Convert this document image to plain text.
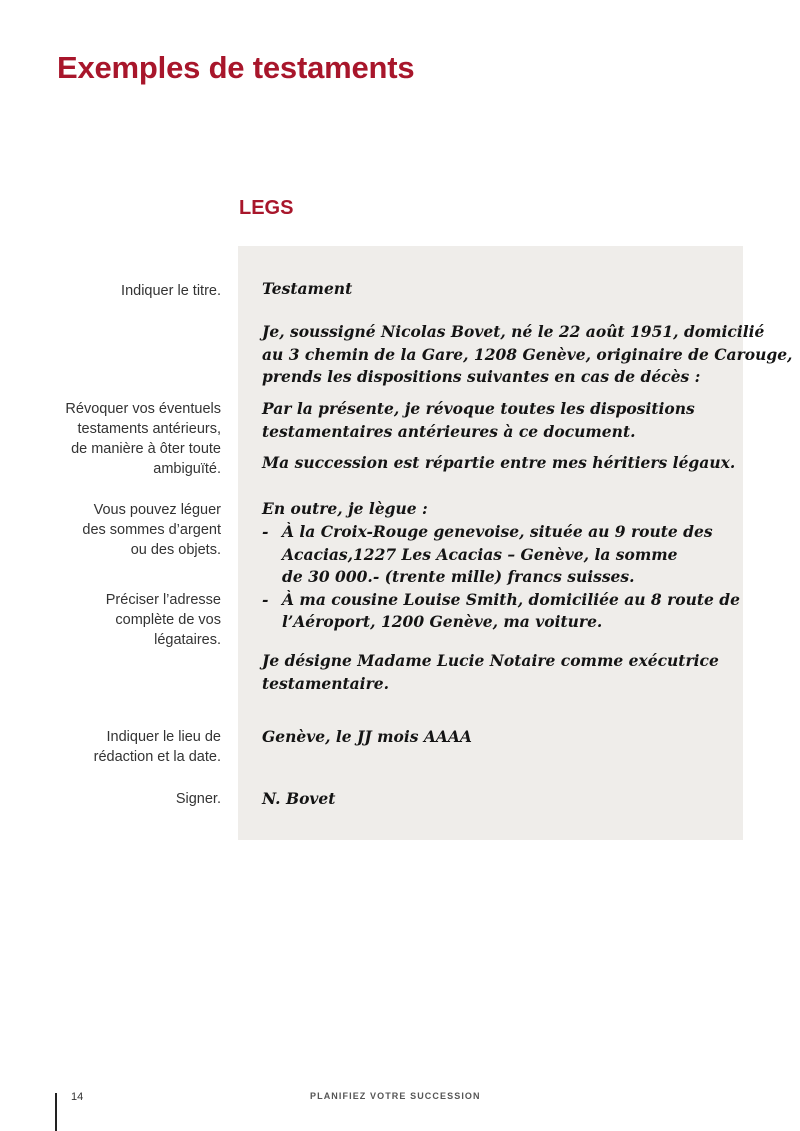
Exemples de testaments
LEGS
Indiquer le titre.
Révoquer vos éventuels
testaments antérieurs,
de manière à ôter toute
ambiguïté.
Vous pouvez léguer
des sommes d’argent
ou des objets.
Préciser l’adresse
complète de vos
légataires.
Indiquer le lieu de
rédaction et la date.
Signer.
Testament
Je, soussigné Nicolas Bovet, né le 22 août 1951, domicilié
au 3 chemin de la Gare, 1208 Genève, originaire de Carouge,
prends les dispositions suivantes en cas de décès :
Par la présente, je révoque toutes les dispositions
testamentaires antérieures à ce document.
Ma succession est répartie entre mes héritiers légaux.
En outre, je lègue :
- À la Croix-Rouge genevoise, située au 9 route des
Acacias,1227 Les Acacias – Genève, la somme
de 30 000.- (trente mille) francs suisses.
- À ma cousine Louise Smith, domiciliée au 8 route de
l’Aéroport, 1200 Genève, ma voiture.
Je désigne Madame Lucie Notaire comme exécutrice
testamentaire.
Genève, le JJ mois AAAA
N. Bovet
14	PLANIFIEZ VOTRE SUCCESSION
